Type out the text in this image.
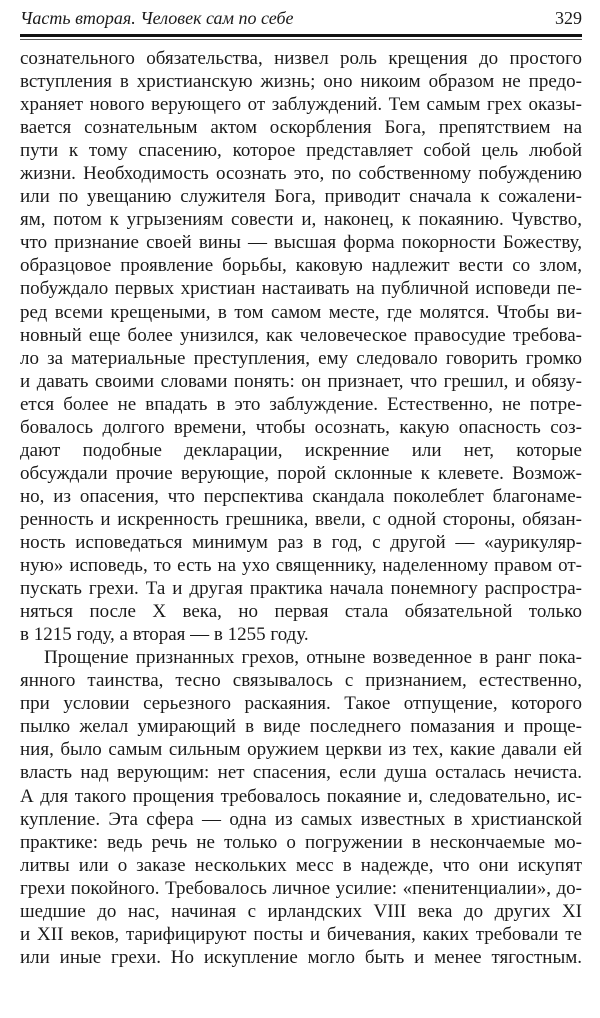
Часть вторая. Человек сам по себе	329
сознательного обязательства, низвел роль крещения до простого
вступления в христианскую жизнь; оно никоим образом не предо-
храняет нового верующего от заблуждений. Тем самым грех оказы-
вается сознательным актом оскорбления Бога, препятствием на
пути к тому спасению, которое представляет собой цель любой
жизни. Необходимость осознать это, по собственному побуждению
или по увещанию служителя Бога, приводит сначала к сожалени-
ям, потом к угрызениям совести и, наконец, к покаянию. Чувство,
что признание своей вины — высшая форма покорности Божеству,
образцовое проявление борьбы, каковую надлежит вести со злом,
побуждало первых христиан настаивать на публичной исповеди пе-
ред всеми крещеными, в том самом месте, где молятся. Чтобы ви-
новный еще более унизился, как человеческое правосудие требова-
ло за материальные преступления, ему следовало говорить громко
и давать своими словами понять: он признает, что грешил, и обязу-
ется более не впадать в это заблуждение. Естественно, не потре-
бовалось долгого времени, чтобы осознать, какую опасность соз-
дают подобные декларации, искренние или нет, которые
обсуждали прочие верующие, порой склонные к клевете. Возмож-
но, из опасения, что перспектива скандала поколеблет благонаме-
ренность и искренность грешника, ввели, с одной стороны, обязан-
ность исповедаться минимум раз в год, с другой — «аурикуляр-
ную» исповедь, то есть на ухо священнику, наделенному правом от-
пускать грехи. Та и другая практика начала понемногу распростра-
няться после X века, но первая стала обязательной только
в 1215 году, а вторая — в 1255 году.
Прощение признанных грехов, отныне возведенное в ранг пока-
янного таинства, тесно связывалось с признанием, естественно,
при условии серьезного раскаяния. Такое отпущение, которого
пылко желал умирающий в виде последнего помазания и проще-
ния, было самым сильным оружием церкви из тех, какие давали ей
власть над верующим: нет спасения, если душа осталась нечиста.
А для такого прощения требовалось покаяние и, следовательно, ис-
купление. Эта сфера — одна из самых известных в христианской
практике: ведь речь не только о погружении в нескончаемые мо-
литвы или о заказе нескольких месс в надежде, что они искупят
грехи покойного. Требовалось личное усилие: «пенитенциалии», до-
шедшие до нас, начиная с ирландских VIII века до других XI
и XII веков, тарифицируют посты и бичевания, каких требовали те
или иные грехи. Но искупление могло быть и менее тягостным.
